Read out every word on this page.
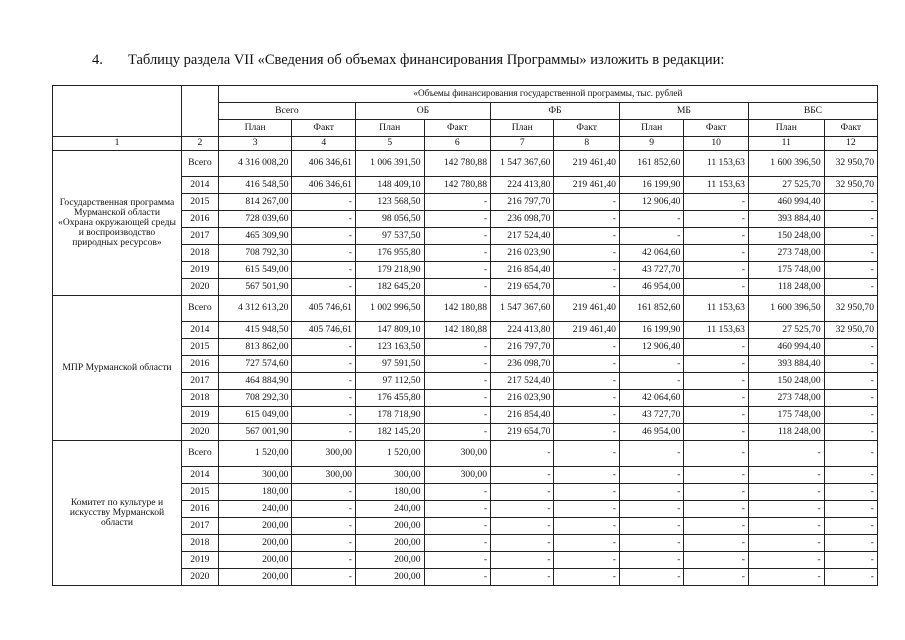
4. Таблицу раздела VII «Сведения об объемах финансирования Программы» изложить в редакции:
		«Объемы финансирования государственной программы, тыс. рублей									
		Всего		ОБ		ФБ		МБ		ВБС	
		План	Факт	План	Факт	План	Факт	План	Факт	План	Факт
1	2	3	4	5	6	7	8	9	10	11	12
Государственная программа Мурманской области «Охрана окружающей среды и воспроизводство природных ресурсов»	Всего	4 316 008,20	406 346,61	1 006 391,50	142 780,88	1 547 367,60	219 461,40	161 852,60	11 153,63	1 600 396,50	32 950,70
	2014	416 548,50	406 346,61	148 409,10	142 780,88	224 413,80	219 461,40	16 199,90	11 153,63	27 525,70	32 950,70
	2015	814 267,00	-	123 568,50	-	216 797,70	-	12 906,40	-	460 994,40	-
	2016	728 039,60	-	98 056,50	-	236 098,70	-	-	-	393 884,40	-
	2017	465 309,90	-	97 537,50	-	217 524,40	-	-	-	150 248,00	-
	2018	708 792,30	-	176 955,80	-	216 023,90	-	42 064,60	-	273 748,00	-
	2019	615 549,00	-	179 218,90	-	216 854,40	-	43 727,70	-	175 748,00	-
	2020	567 501,90	-	182 645,20	-	219 654,70	-	46 954,00	-	118 248,00	-
МПР Мурманской области	Всего	4 312 613,20	405 746,61	1 002 996,50	142 180,88	1 547 367,60	219 461,40	161 852,60	11 153,63	1 600 396,50	32 950,70
	2014	415 948,50	405 746,61	147 809,10	142 180,88	224 413,80	219 461,40	16 199,90	11 153,63	27 525,70	32 950,70
	2015	813 862,00	-	123 163,50	-	216 797,70	-	12 906,40	-	460 994,40	-
	2016	727 574,60	-	97 591,50	-	236 098,70	-	-	-	393 884,40	-
	2017	464 884,90	-	97 112,50	-	217 524,40	-	-	-	150 248,00	-
	2018	708 292,30	-	176 455,80	-	216 023,90	-	42 064,60	-	273 748,00	-
	2019	615 049,00	-	178 718,90	-	216 854,40	-	43 727,70	-	175 748,00	-
	2020	567 001,90	-	182 145,20	-	219 654,70	-	46 954,00	-	118 248,00	-
Комитет по культуре и искусству Мурманской области	Всего	1 520,00	300,00	1 520,00	300,00	-	-	-	-	-	-
	2014	300,00	300,00	300,00	300,00	-	-	-	-	-	-
	2015	180,00	-	180,00	-	-	-	-	-	-	-
	2016	240,00	-	240,00	-	-	-	-	-	-	-
	2017	200,00	-	200,00	-	-	-	-	-	-	-
	2018	200,00	-	200,00	-	-	-	-	-	-	-
	2019	200,00	-	200,00	-	-	-	-	-	-	-
	2020	200,00	-	200,00	-	-	-	-	-	-	-
